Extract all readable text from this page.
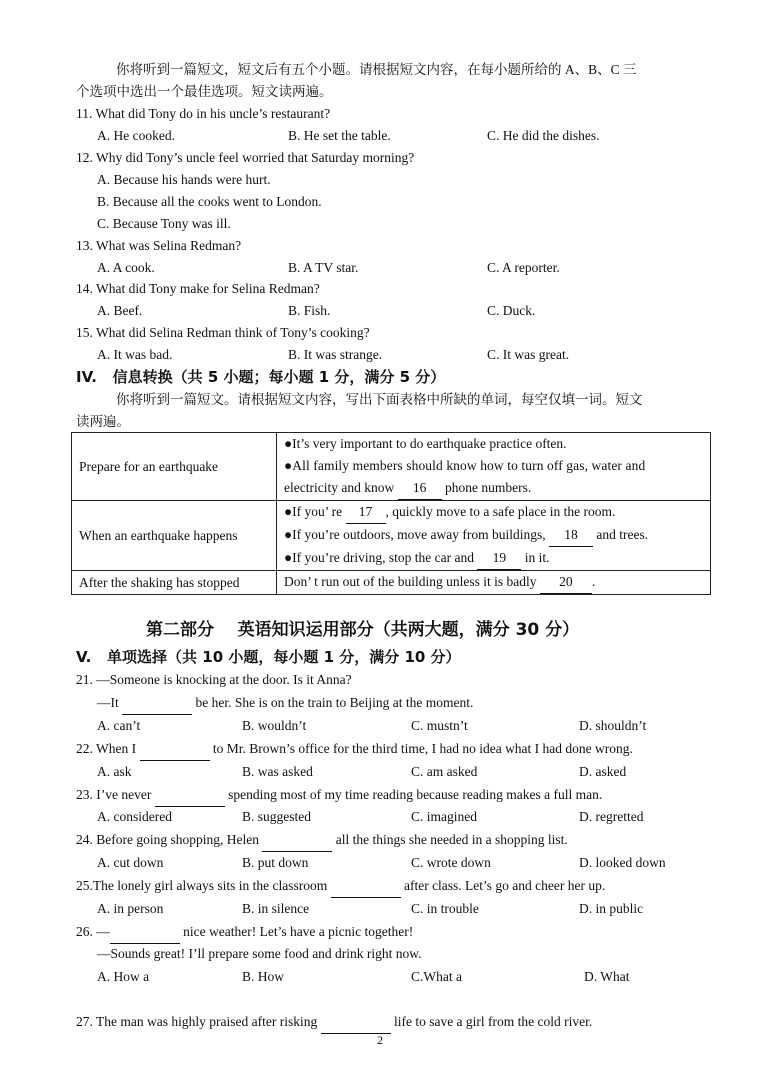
你将听到一篇短文，短文后有五个小题。请根据短文内容，在每小题所给的 A、B、C 三
个选项中选出一个最佳选项。短文读两遍。
11. What did Tony do in his uncle’s restaurant?
A. He cooked.	B. He set the table.	C. He did the dishes.
12. Why did Tony’s uncle feel worried that Saturday morning?
A. Because his hands were hurt.
B. Because all the cooks went to London.
C. Because Tony was ill.
13. What was Selina Redman?
A. A cook.	B. A TV star.	C. A reporter.
14. What did Tony make for Selina Redman?
A. Beef.	B. Fish.	C. Duck.
15. What did Selina Redman think of Tony’s cooking?
A. It was bad.	B. It was strange.	C. It was great.
IV.   信息转换（共 5 小题；每小题 1 分，满分 5 分）
你将听到一篇短文。请根据短文内容，写出下面表格中所缺的单词，每空仅填一词。短文
读两遍。
Prepare for an earthquake	●It’s very important to do earthquake practice often.
●All family members should know how to turn off gas, water and
electricity and know 16 phone numbers.

When an earthquake happens	●If you’ re 17 , quickly move to a safe place in the room.
●If you’re outdoors, move away from buildings, 18 and trees.
●If you’re driving, stop the car and 19 in it.

After the shaking has stopped	Don’ t run out of the building unless it is badly 20 .
第二部分    英语知识运用部分（共两大题，满分 30 分）
V.   单项选择（共 10 小题，每小题 1 分，满分 10 分）
21. —Someone is knocking at the door. Is it Anna?
—It	be her. She is on the train to Beijing at the moment.
A. can’t	B. wouldn’t	C. mustn’t	D. shouldn’t
22. When I	to Mr. Brown’s office for the third time, I had no idea what I had done wrong.
A. ask	B. was asked	C. am asked	D. asked
23. I’ve never	spending most of my time reading because reading makes a full man.
A. considered	B. suggested	C. imagined	D. regretted
24. Before going shopping, Helen	all the things she needed in a shopping list.
A. cut down	B. put down	C. wrote down	D. looked down
25.The lonely girl always sits in the classroom	after class. Let’s go and cheer her up.
A. in person	B. in silence	C. in trouble	D. in public
26. —	nice weather! Let’s have a picnic together!
—Sounds great! I’ll prepare some food and drink right now.
A. How a	B. How	C.What a	D. What
27. The man was highly praised after risking	life to save a girl from the cold river.
2
